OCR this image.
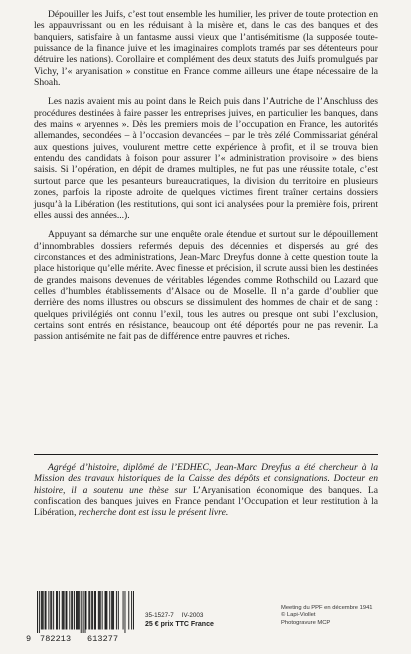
Dépouiller les Juifs, c’est tout ensemble les humilier, les priver de toute protection en les appauvrissant ou en les réduisant à la misère et, dans le cas des banques et des banquiers, satisfaire à un fantasme aussi vieux que l’antisémitisme (la supposée toute-puissance de la finance juive et les imaginaires complots tramés par ses détenteurs pour détruire les nations). Corollaire et complément des deux statuts des Juifs promulgués par Vichy, l’« aryanisation » constitue en France comme ailleurs une étape nécessaire de la Shoah.

Les nazis avaient mis au point dans le Reich puis dans l’Autriche de l’Anschluss des procédures destinées à faire passer les entreprises juives, en particulier les banques, dans des mains « aryennes ». Dès les premiers mois de l’occupation en France, les autorités allemandes, secondées – à l’occasion devancées – par le très zélé Commissariat général aux questions juives, voulurent mettre cette expérience à profit, et il se trouva bien entendu des candidats à foison pour assurer l’« administration provisoire » des biens saisis. Si l’opération, en dépit de drames multiples, ne fut pas une réussite totale, c’est surtout parce que les pesanteurs bureaucratiques, la division du territoire en plusieurs zones, parfois la riposte adroite de quelques victimes firent traîner certains dossiers jusqu’à la Libération (les restitutions, qui sont ici analysées pour la première fois, prirent elles aussi des années...).

Appuyant sa démarche sur une enquête orale étendue et surtout sur le dépouillement d’innombrables dossiers refermés depuis des décennies et dispersés au gré des circonstances et des administrations, Jean-Marc Dreyfus donne à cette question toute la place historique qu’elle mérite. Avec finesse et précision, il scrute aussi bien les destinées de grandes maisons devenues de véritables légendes comme Rothschild ou Lazard que celles d’humbles établissements d’Alsace ou de Moselle. Il n’a garde d’oublier que derrière des noms illustres ou obscurs se dissimulent des hommes de chair et de sang : quelques privilégiés ont connu l’exil, tous les autres ou presque ont subi l’exclusion, certains sont entrés en résistance, beaucoup ont été déportés pour ne pas revenir. La passion antisémite ne fait pas de différence entre pauvres et riches.

Agrégé d’histoire, diplômé de l’EDHEC, Jean-Marc Dreyfus a été chercheur à la Mission des travaux historiques de la Caisse des dépôts et consignations. Docteur en histoire, il a soutenu une thèse sur L’Aryanisation économique des banques. La confiscation des banques juives en France pendant l’Occupation et leur restitution à la Libération, recherche dont est issu le présent livre.

9 782213 613277
35-1527-7 IV-2003
25 € prix TTC France
Meeting du PPF en décembre 1941
© Lapi-Viollet
Photogravure MCP
